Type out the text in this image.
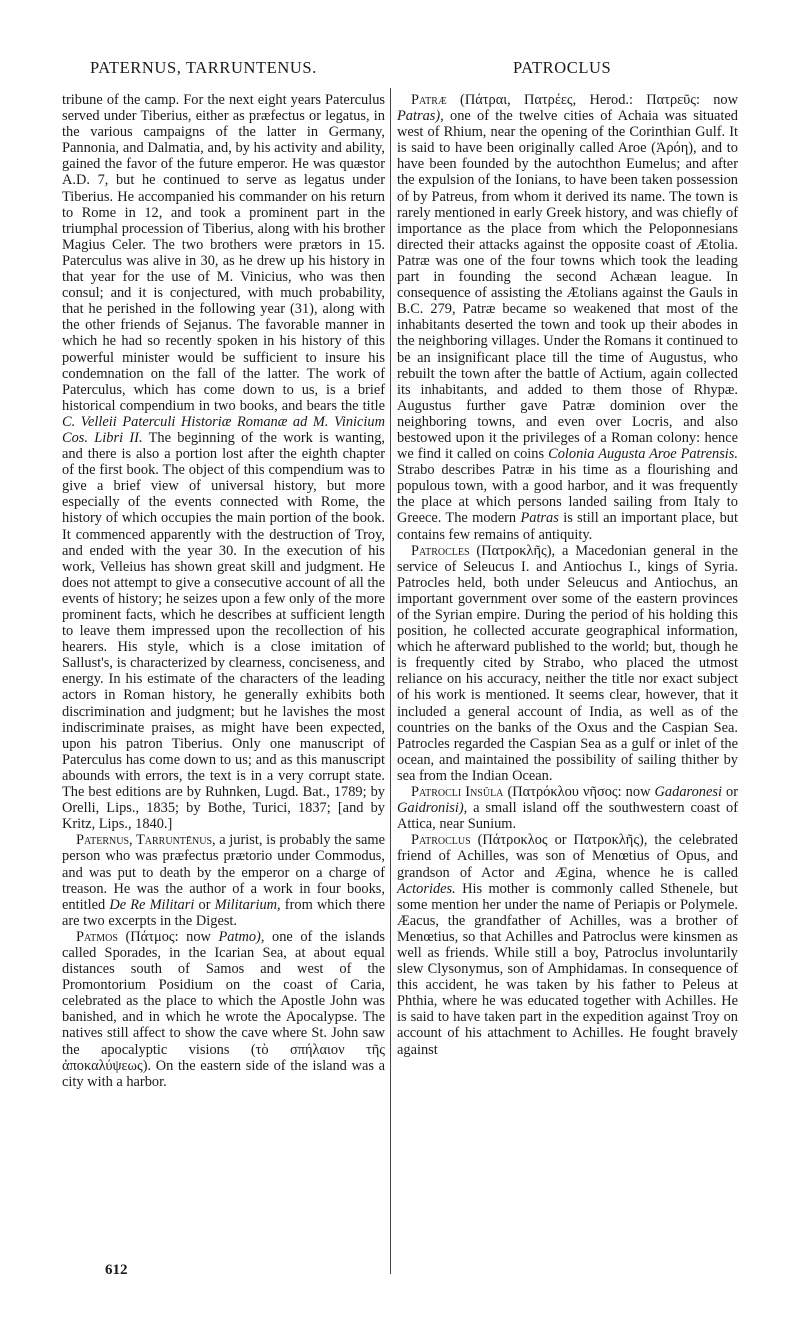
PATERNUS, TARRUNTENUS.	PATROCLUS

tribune of the camp. For the next eight years Paterculus served under Tiberius, either as præfectus or legatus, in the various campaigns of the latter in Germany, Pannonia, and Dalmatia, and, by his activity and ability, gained the favor of the future emperor. He was quæstor A.D. 7, but he continued to serve as legatus under Tiberius. He accompanied his commander on his return to Rome in 12, and took a prominent part in the triumphal procession of Tiberius, along with his brother Magius Celer. The two brothers were prætors in 15. Paterculus was alive in 30, as he drew up his history in that year for the use of M. Vinicius, who was then consul; and it is conjectured, with much probability, that he perished in the following year (31), along with the other friends of Sejanus. The favorable manner in which he had so recently spoken in his history of this powerful minister would be sufficient to insure his condemnation on the fall of the latter. The work of Paterculus, which has come down to us, is a brief historical compendium in two books, and bears the title C. Velleii Paterculi Historiæ Romanæ ad M. Vinicium Cos. Libri II. The beginning of the work is wanting, and there is also a portion lost after the eighth chapter of the first book. The object of this compendium was to give a brief view of universal history, but more especially of the events connected with Rome, the history of which occupies the main portion of the book. It commenced apparently with the destruction of Troy, and ended with the year 30. In the execution of his work, Velleius has shown great skill and judgment. He does not attempt to give a consecutive account of all the events of history; he seizes upon a few only of the more prominent facts, which he describes at sufficient length to leave them impressed upon the recollection of his hearers. His style, which is a close imitation of Sallust's, is characterized by clearness, conciseness, and energy. In his estimate of the characters of the leading actors in Roman history, he generally exhibits both discrimination and judgment; but he lavishes the most indiscriminate praises, as might have been expected, upon his patron Tiberius. Only one manuscript of Paterculus has come down to us; and as this manuscript abounds with errors, the text is in a very corrupt state. The best editions are by Ruhnken, Lugd. Bat., 1789; by Orelli, Lips., 1835; by Bothe, Turici, 1837; [and by Kritz, Lips., 1840.]

Paternus, Tarruntēnus, a jurist, is probably the same person who was præfectus prætorio under Commodus, and was put to death by the emperor on a charge of treason. He was the author of a work in four books, entitled De Re Militari or Militarium, from which there are two excerpts in the Digest.

Patmos (Πάτμος: now Patmo), one of the islands called Sporades, in the Icarian Sea, at about equal distances south of Samos and west of the Promontorium Posidium on the coast of Caria, celebrated as the place to which the Apostle John was banished, and in which he wrote the Apocalypse. The natives still affect to show the cave where St. John saw the apocalyptic visions (τὸ σπήλαιον τῆς ἀποκαλύψεως). On the eastern side of the island was a city with a harbor.

Patræ (Πάτραι, Πατρέες, Herod.: Πατρεῦς: now Patras), one of the twelve cities of Achaia was situated west of Rhium, near the opening of the Corinthian Gulf. It is said to have been originally called Aroe (Ἀρόη), and to have been founded by the autochthon Eumelus; and after the expulsion of the Ionians, to have been taken possession of by Patreus, from whom it derived its name. The town is rarely mentioned in early Greek history, and was chiefly of importance as the place from which the Peloponnesians directed their attacks against the opposite coast of Ætolia. Patræ was one of the four towns which took the leading part in founding the second Achæan league. In consequence of assisting the Ætolians against the Gauls in B.C. 279, Patræ became so weakened that most of the inhabitants deserted the town and took up their abodes in the neighboring villages. Under the Romans it continued to be an insignificant place till the time of Augustus, who rebuilt the town after the battle of Actium, again collected its inhabitants, and added to them those of Rhypæ. Augustus further gave Patræ dominion over the neighboring towns, and even over Locris, and also bestowed upon it the privileges of a Roman colony: hence we find it called on coins Colonia Augusta Aroe Patrensis. Strabo describes Patræ in his time as a flourishing and populous town, with a good harbor, and it was frequently the place at which persons landed sailing from Italy to Greece. The modern Patras is still an important place, but contains few remains of antiquity.

Patrocles (Πατροκλῆς), a Macedonian general in the service of Seleucus I. and Antiochus I., kings of Syria. Patrocles held, both under Seleucus and Antiochus, an important government over some of the eastern provinces of the Syrian empire. During the period of his holding this position, he collected accurate geographical information, which he afterward published to the world; but, though he is frequently cited by Strabo, who placed the utmost reliance on his accuracy, neither the title nor exact subject of his work is mentioned. It seems clear, however, that it included a general account of India, as well as of the countries on the banks of the Oxus and the Caspian Sea. Patrocles regarded the Caspian Sea as a gulf or inlet of the ocean, and maintained the possibility of sailing thither by sea from the Indian Ocean.

Patrocli Insŭla (Πατρόκλου νῆσος: now Gadaronesi or Gaidronisi), a small island off the southwestern coast of Attica, near Sunium.

Patroclus (Πάτροκλος or Πατροκλῆς), the celebrated friend of Achilles, was son of Menœtius of Opus, and grandson of Actor and Ægina, whence he is called Actorides. His mother is commonly called Sthenele, but some mention her under the name of Periapis or Polymele. Æacus, the grandfather of Achilles, was a brother of Menœtius, so that Achilles and Patroclus were kinsmen as well as friends. While still a boy, Patroclus involuntarily slew Clysonymus, son of Amphidamas. In consequence of this accident, he was taken by his father to Peleus at Phthia, where he was educated together with Achilles. He is said to have taken part in the expedition against Troy on account of his attachment to Achilles. He fought bravely against

612
